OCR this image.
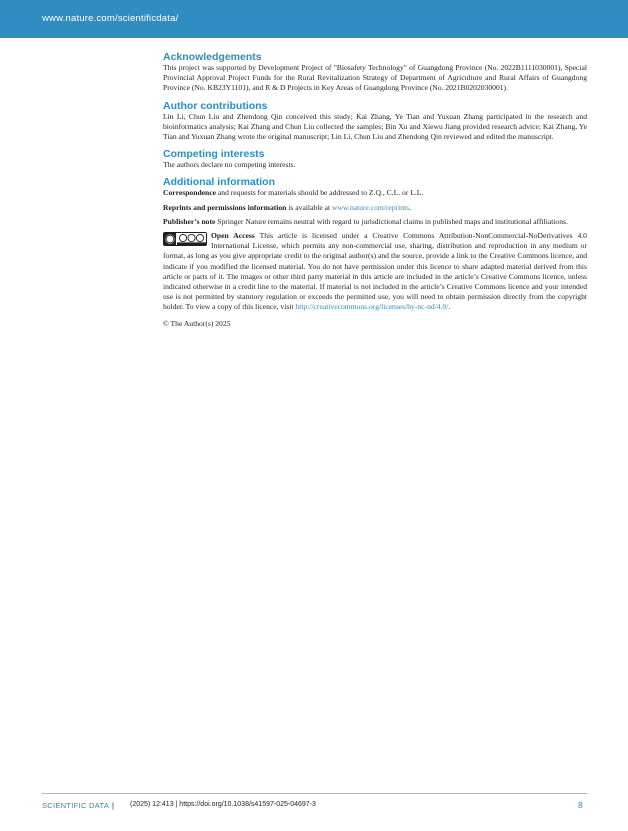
www.nature.com/scientificdata/
Acknowledgements

This project was supported by Development Project of "Biosafety Technology" of Guangdong Province (No. 2022B1111030001), Special Provincial Approval Project Funds for the Rural Revitalization Strategy of Department of Agriculture and Rural Affairs of Guangdong Province (No. KB23Y1101), and R & D Projects in Key Areas of Guangdong Province (No. 2021B0202030001).

Author contributions

Lin Li, Chun Liu and Zhendong Qin conceived this study; Kai Zhang, Ye Tian and Yuxuan Zhang participated in the research and bioinformatics analysis; Kai Zhang and Chun Liu collected the samples; Bin Xu and Xiewu Jiang provided research advice; Kai Zhang, Ye Tian and Yuxuan Zhang wrote the original manuscript; Lin Li, Chun Liu and Zhendong Qin reviewed and edited the manuscript.

Competing interests

The authors declare no competing interests.

Additional information

Correspondence and requests for materials should be addressed to Z.Q., C.L. or L.L.

Reprints and permissions information is available at www.nature.com/reprints.

Publisher’s note Springer Nature remains neutral with regard to jurisdictional claims in published maps and institutional affiliations.

Open Access This article is licensed under a Creative Commons Attribution-NonCommercial-NoDerivatives 4.0 International License, which permits any non-commercial use, sharing, distribution and reproduction in any medium or format, as long as you give appropriate credit to the original author(s) and the source, provide a link to the Creative Commons licence, and indicate if you modified the licensed material. You do not have permission under this licence to share adapted material derived from this article or parts of it. The images or other third party material in this article are included in the article’s Creative Commons licence, unless indicated otherwise in a credit line to the material. If material is not included in the article’s Creative Commons licence and your intended use is not permitted by statutory regulation or exceeds the permitted use, you will need to obtain permission directly from the copyright holder. To view a copy of this licence, visit http://creativecommons.org/licenses/by-nc-nd/4.0/.

© The Author(s) 2025

SCIENTIFIC DATA | (2025) 12:413 | https://doi.org/10.1038/s41597-025-04697-3	8
